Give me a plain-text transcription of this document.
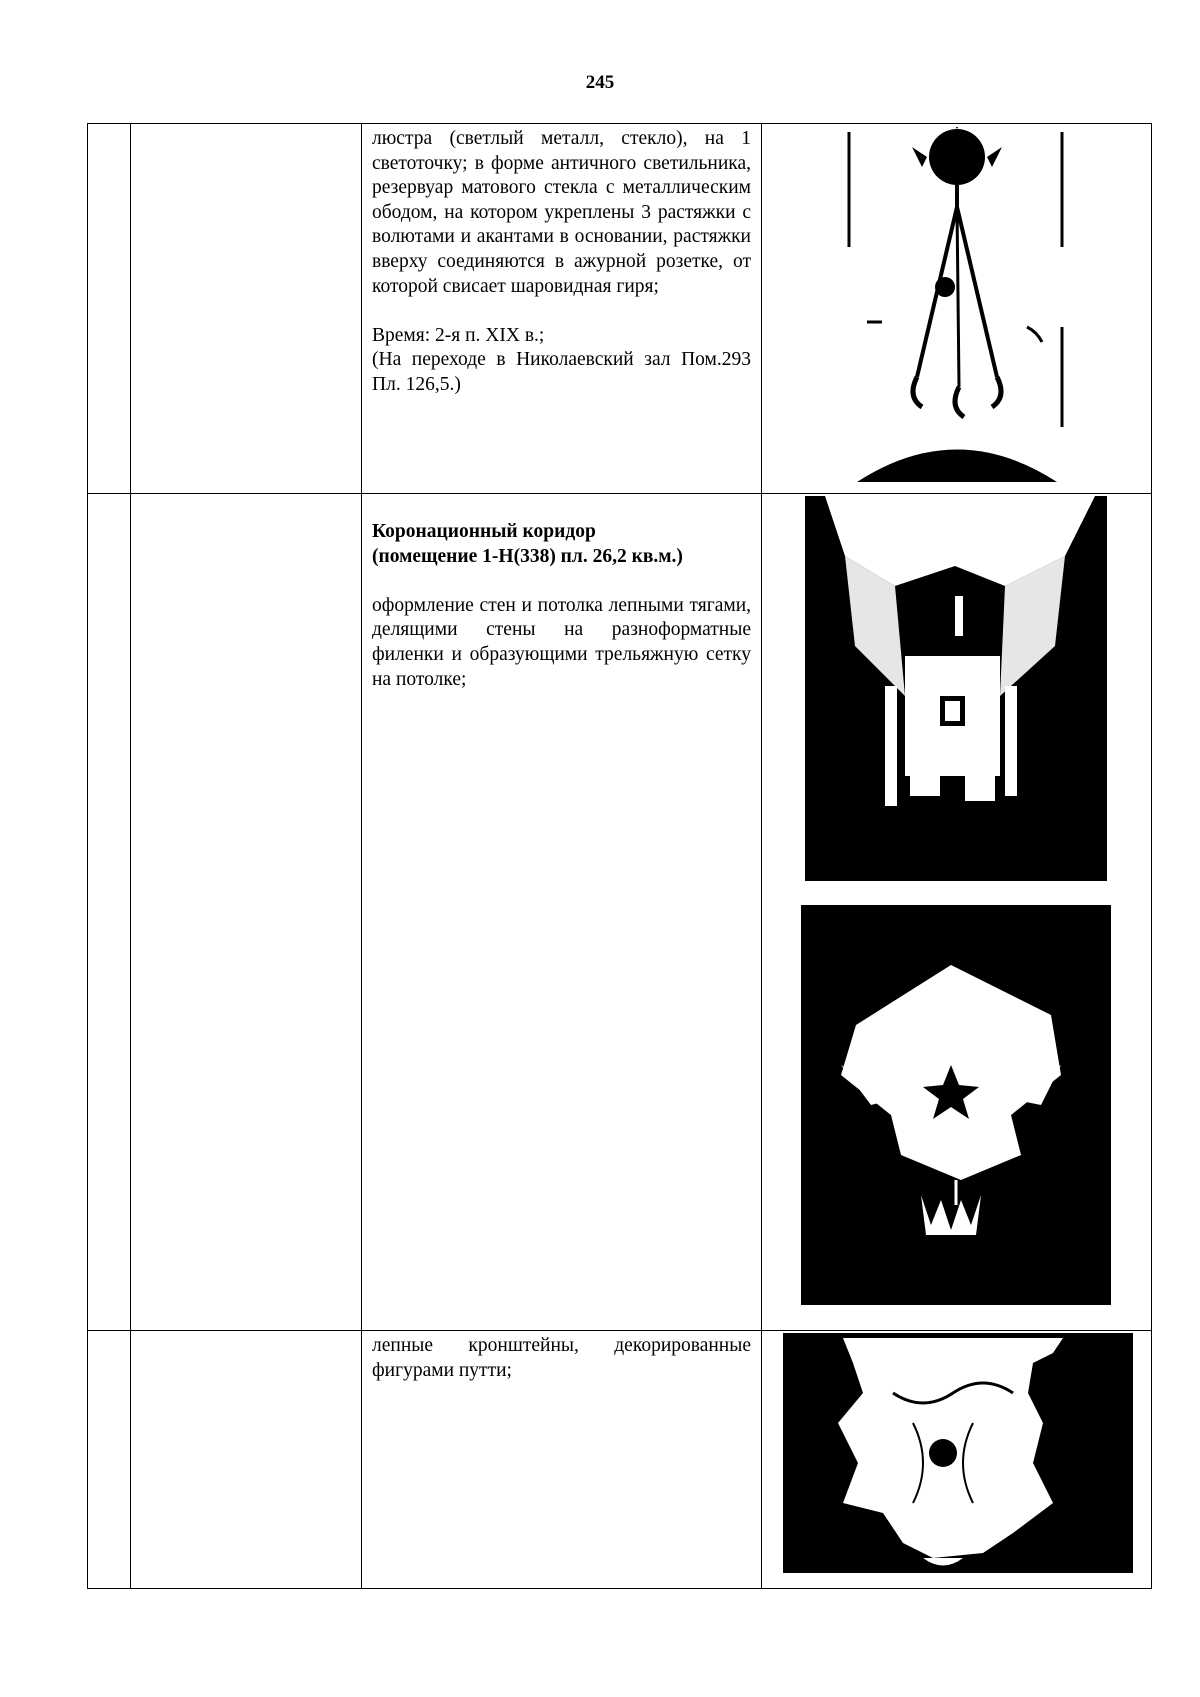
245

		люстра (светлый металл, стекло), на 1 светоточку; в форме античного светильника, резервуар матового стекла с металлическим ободом, на котором укреплены 3 растяжки с волютами и акантами в основании, растяжки вверху соединяются в ажурной розетке, от которой свисает шаровидная гиря;

Время: 2-я п. XIX в.;

(На переходе в Николаевский зал Пом.293 Пл. 126,5.)

		Коронационный коридор

(помещение 1-Н(338) пл. 26,2 кв.м.)

оформление стен и потолка лепными тягами, делящими стены на разноформатные филенки и образующими трельяжную сетку на потолке;

		лепные кронштейны, декорированные фигурами путти;
